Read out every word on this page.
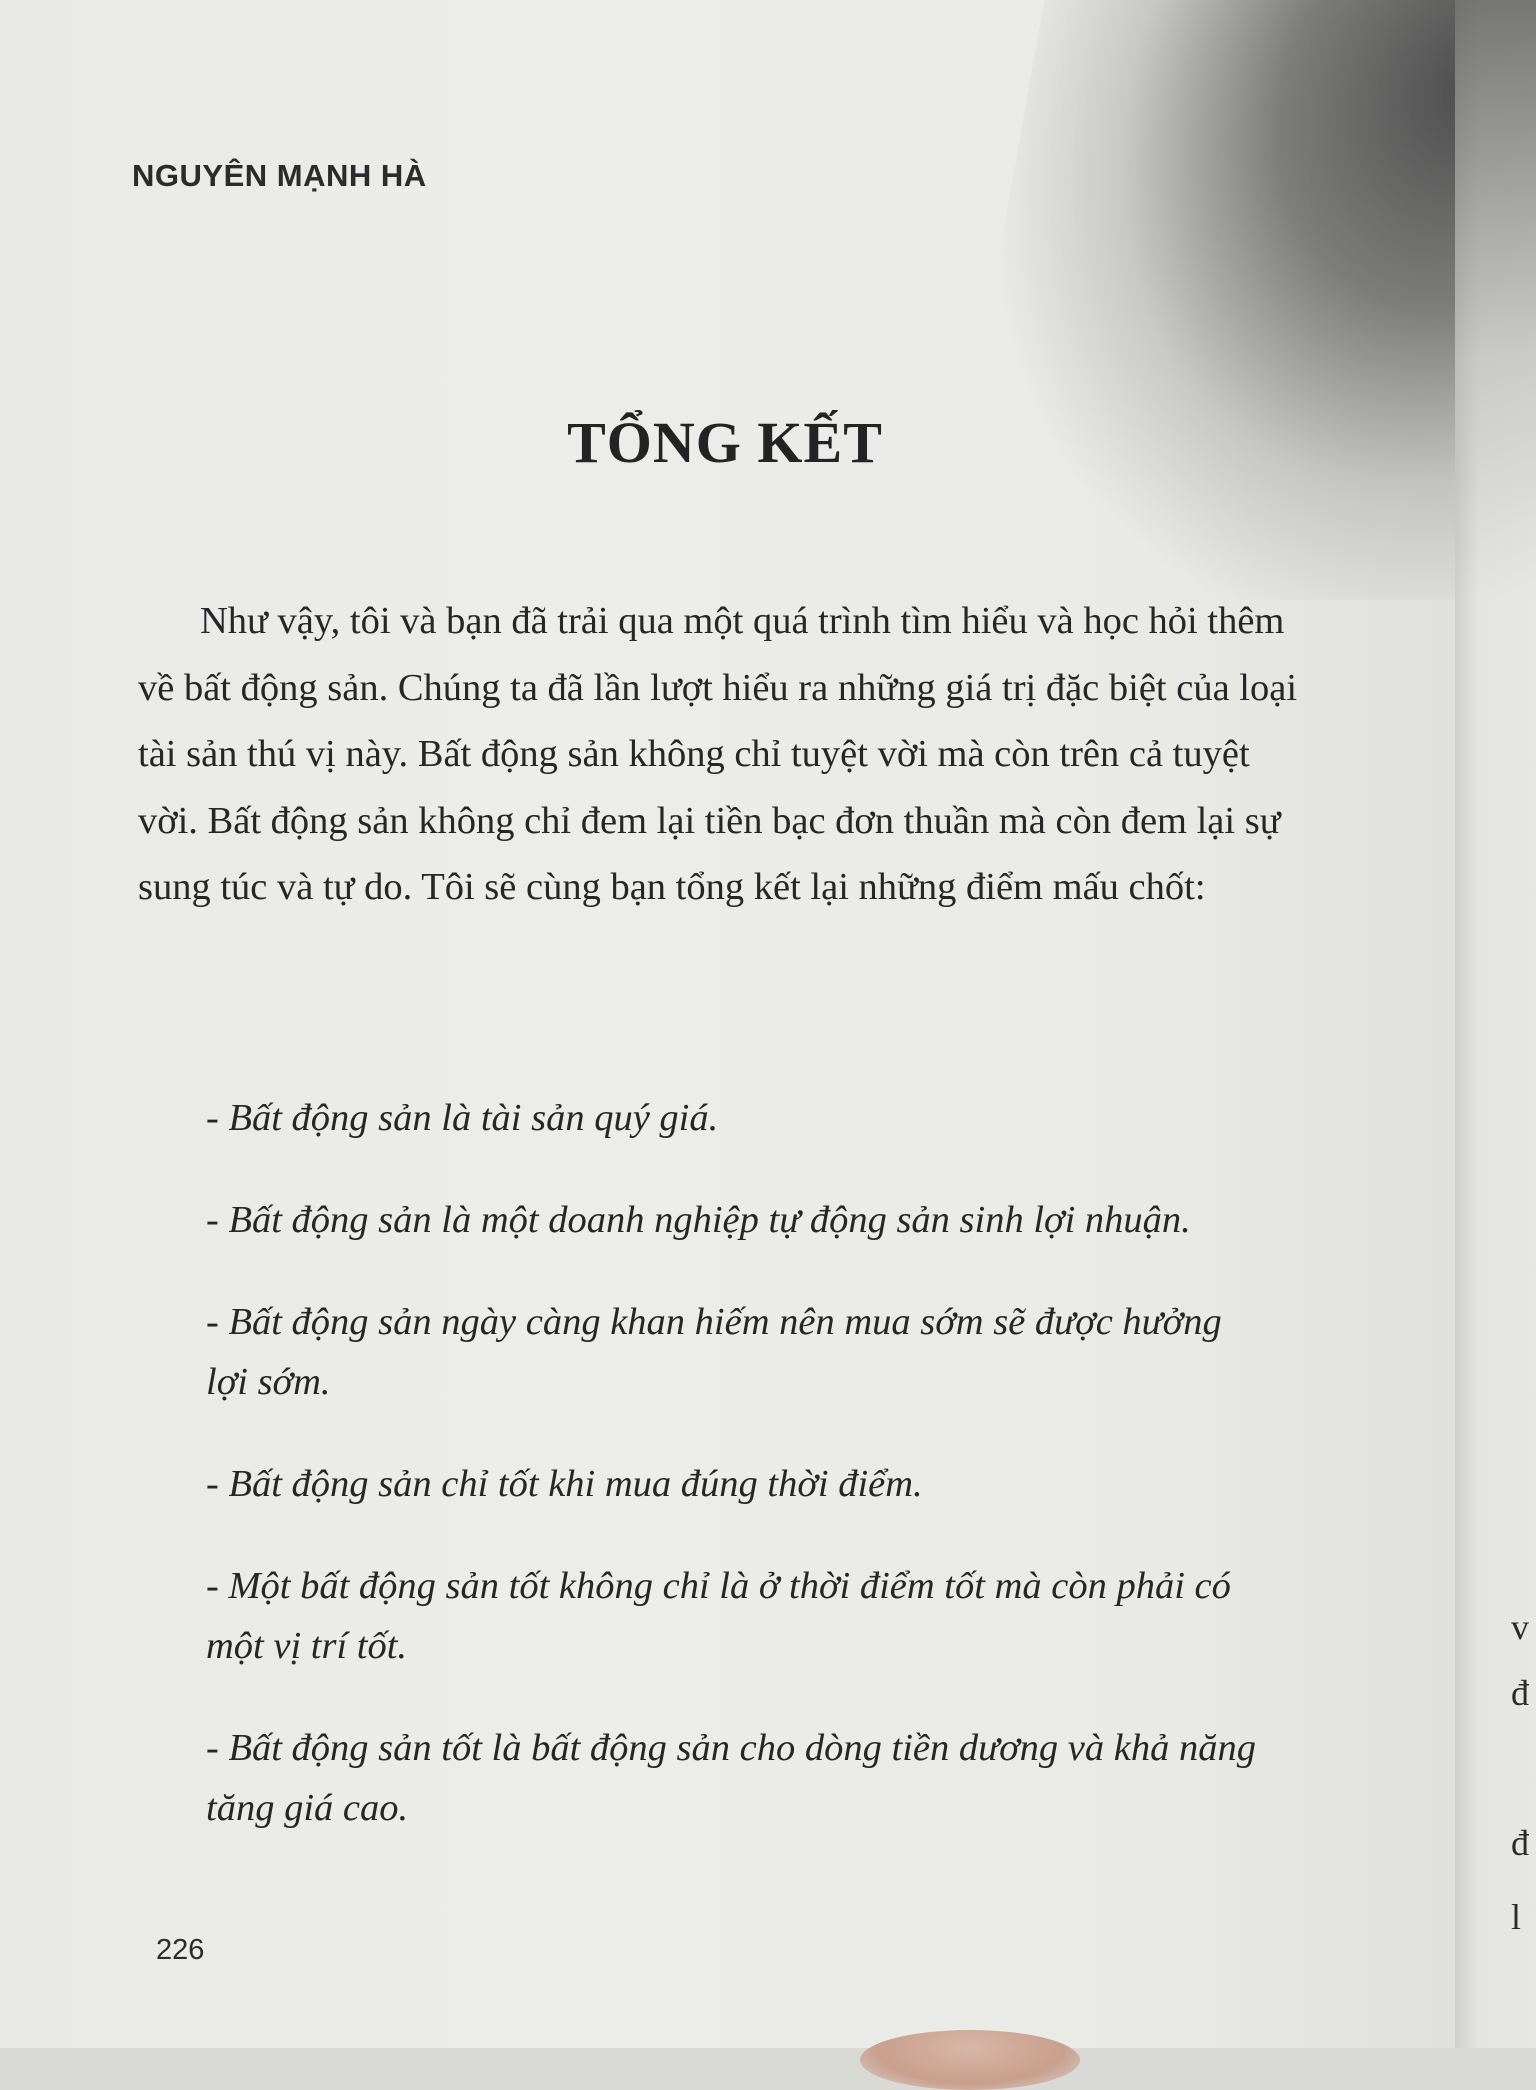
NGUYÊN MẠNH HÀ
TỔNG KẾT

Như vậy, tôi và bạn đã trải qua một quá trình tìm hiểu và học hỏi thêm về bất động sản. Chúng ta đã lần lượt hiểu ra những giá trị đặc biệt của loại tài sản thú vị này. Bất động sản không chỉ tuyệt vời mà còn trên cả tuyệt vời. Bất động sản không chỉ đem lại tiền bạc đơn thuần mà còn đem lại sự sung túc và tự do. Tôi sẽ cùng bạn tổng kết lại những điểm mấu chốt:

- Bất động sản là tài sản quý giá.
- Bất động sản là một doanh nghiệp tự động sản sinh lợi nhuận.
- Bất động sản ngày càng khan hiếm nên mua sớm sẽ được hưởng lợi sớm.
- Bất động sản chỉ tốt khi mua đúng thời điểm.
- Một bất động sản tốt không chỉ là ở thời điểm tốt mà còn phải có một vị trí tốt.
- Bất động sản tốt là bất động sản cho dòng tiền dương và khả năng tăng giá cao.
226
v
đ
đ
l
